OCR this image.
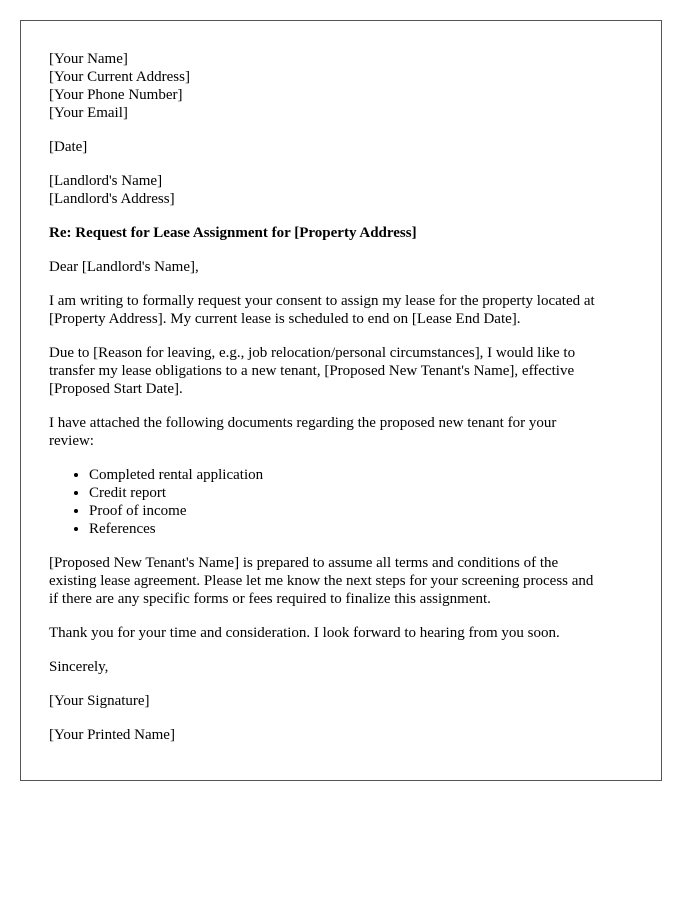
[Your Name]
[Your Current Address]
[Your Phone Number]
[Your Email]
[Date]
[Landlord's Name]
[Landlord's Address]
Re: Request for Lease Assignment for [Property Address]
Dear [Landlord's Name],
I am writing to formally request your consent to assign my lease for the property located at
[Property Address]. My current lease is scheduled to end on [Lease End Date].
Due to [Reason for leaving, e.g., job relocation/personal circumstances], I would like to
transfer my lease obligations to a new tenant, [Proposed New Tenant's Name], effective
[Proposed Start Date].
I have attached the following documents regarding the proposed new tenant for your
review:
• Completed rental application
• Credit report
• Proof of income
• References
[Proposed New Tenant's Name] is prepared to assume all terms and conditions of the
existing lease agreement. Please let me know the next steps for your screening process and
if there are any specific forms or fees required to finalize this assignment.
Thank you for your time and consideration. I look forward to hearing from you soon.
Sincerely,
[Your Signature]
[Your Printed Name]
